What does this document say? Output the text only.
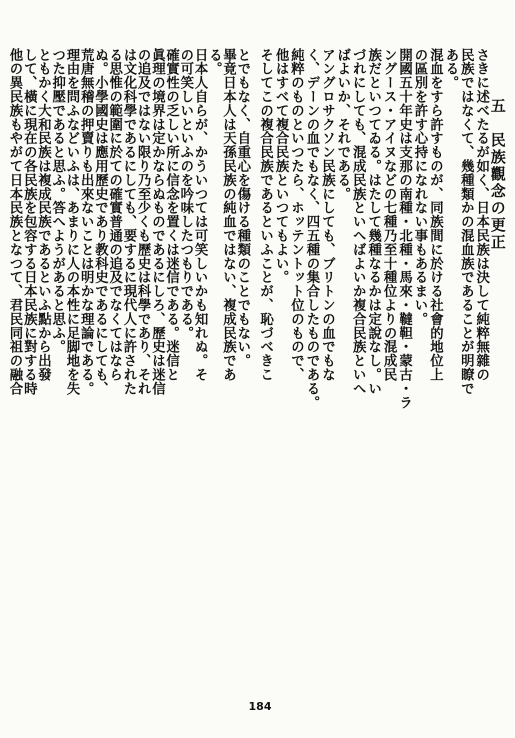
五　民族觀念の更正
さきに述べたるが如く、日本民族は決して純粹無雜の
民族ではなくて、幾種類かの混血族であることが明瞭で
ある。
混血をすら許すものが、同族間に於ける社會的地位上
の區別を許す心持になれない事もあるまい。
開國五十年史は支那の南種・北種・馬來・韃靼・蒙古・ラ
ングース・アイヌなどの七種乃至十種位よりの混成民
族だといつてゐる。はたして幾種なるかは定說なし。い
づれにしても、混成民族といへばよいか複合民族といへ
ばよいか、それである。
アングロサクソン民族にしても、ブリトンの血でもな
く、デーンの血でもなく、四五種の集合したものである。
純粹のものといつたら、ホッテントット位のもので、
他はすべて複合民族といつてもよい。
そしてこの複合民族であるといふことが、恥づべきこ
とでもなく、自重心を傷ける種類のことでもない。
畢竟日本人は天孫民族の純血ではない、複成民族であ
る。
日本人自らが、かういつては可笑しいかも知れぬ。そ
の可笑しいといふのを吟味したつもりである。
確實性の乏しい所に信念を置くは迷信である。迷信と
眞理の境界は定かならぬものであるにしろ、歷史は迷信
184
の追及ではない限り乃至少くも歷史は科學であり、それ
は文化科學であるにしても、要するに現代人に許された
る思惟の範圍に於ての確實普通の追及でなくてはなら
ぬ。小學國史は應用歷史であり教科史であるにしても、
荒唐無稽の押賣りも出來ないことは明かな理論である。
理由を問ふなどいふは、あまりに人の本性に足脚地を失
つた抑壓であると思ふ。答へようがあると思ふ。
ともかく大和民族は複成民族であるといふ點から出發
して、橫に現在の各民族を包容する日本民族に對する時
他の異民族もやがて日本民族となつて、君民同祖の融合
